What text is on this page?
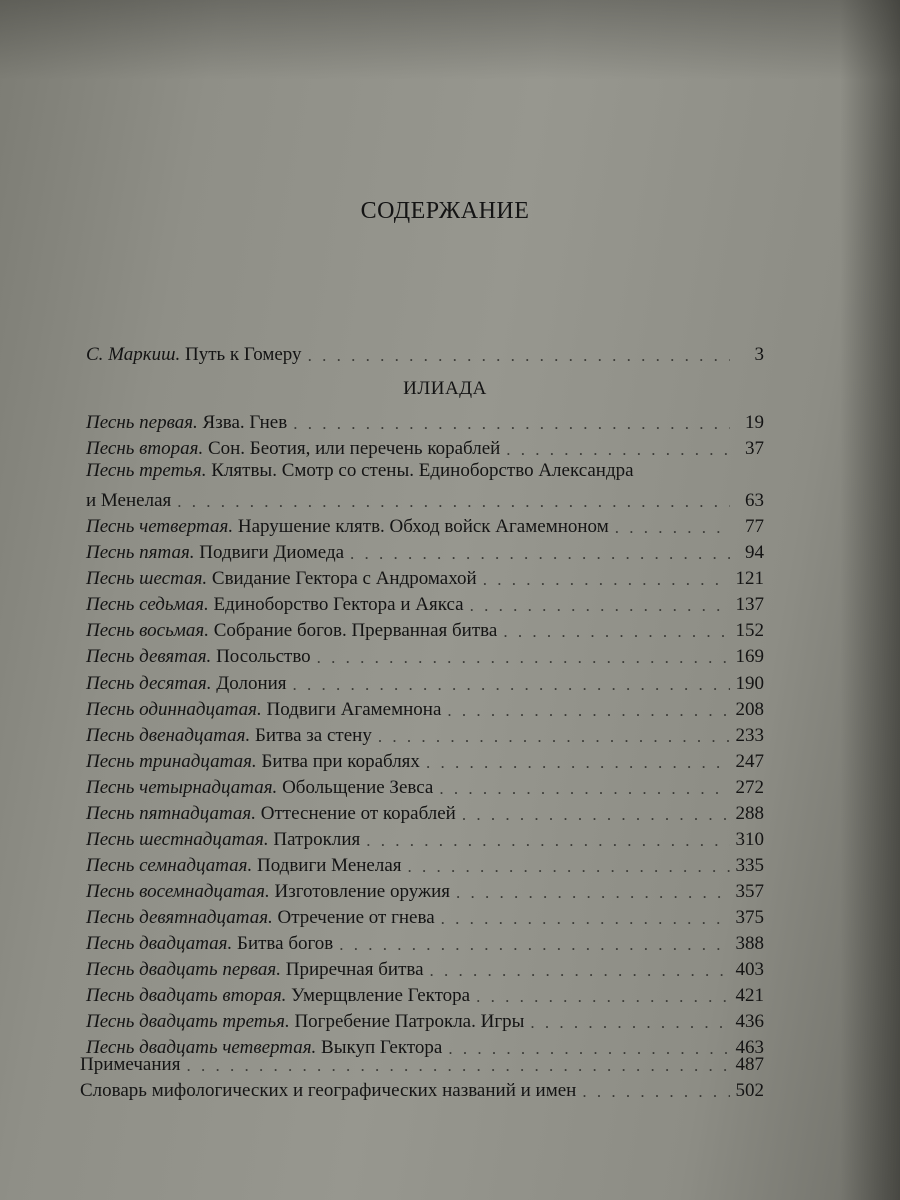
СОДЕРЖАНИЕ
С. Маркиш. Путь к Гомеру . . .	3
ИЛИАДА
Песнь первая. Язва. Гнев . . .	19
Песнь вторая. Сон. Беотия, или перечень кораблей . . .	37
Песнь третья. Клятвы. Смотр со стены. Единоборство Александра
и Менелая . . .	63
Песнь четвертая. Нарушение клятв. Обход войск Агамемноном . . .	77
Песнь пятая. Подвиги Диомеда . . .	94
Песнь шестая. Свидание Гектора с Андромахой . . .	121
Песнь седьмая. Единоборство Гектора и Аякса . . .	137
Песнь восьмая. Собрание богов. Прерванная битва . . .	152
Песнь девятая. Посольство . . .	169
Песнь десятая. Долония . . .	190
Песнь одиннадцатая. Подвиги Агамемнона . . .	208
Песнь двенадцатая. Битва за стену . . .	233
Песнь тринадцатая. Битва при кораблях . . .	247
Песнь четырнадцатая. Обольщение Зевса . . .	272
Песнь пятнадцатая. Оттеснение от кораблей . . .	288
Песнь шестнадцатая. Патроклия . . .	310
Песнь семнадцатая. Подвиги Менелая . . .	335
Песнь восемнадцатая. Изготовление оружия . . .	357
Песнь девятнадцатая. Отречение от гнева . . .	375
Песнь двадцатая. Битва богов . . .	388
Песнь двадцать первая. Приречная битва . . .	403
Песнь двадцать вторая. Умерщвление Гектора . . .	421
Песнь двадцать третья. Погребение Патрокла. Игры . . .	436
Песнь двадцать четвертая. Выкуп Гектора . . .	463
Примечания . . .	487
Словарь мифологических и географических названий и имен . . .	502
